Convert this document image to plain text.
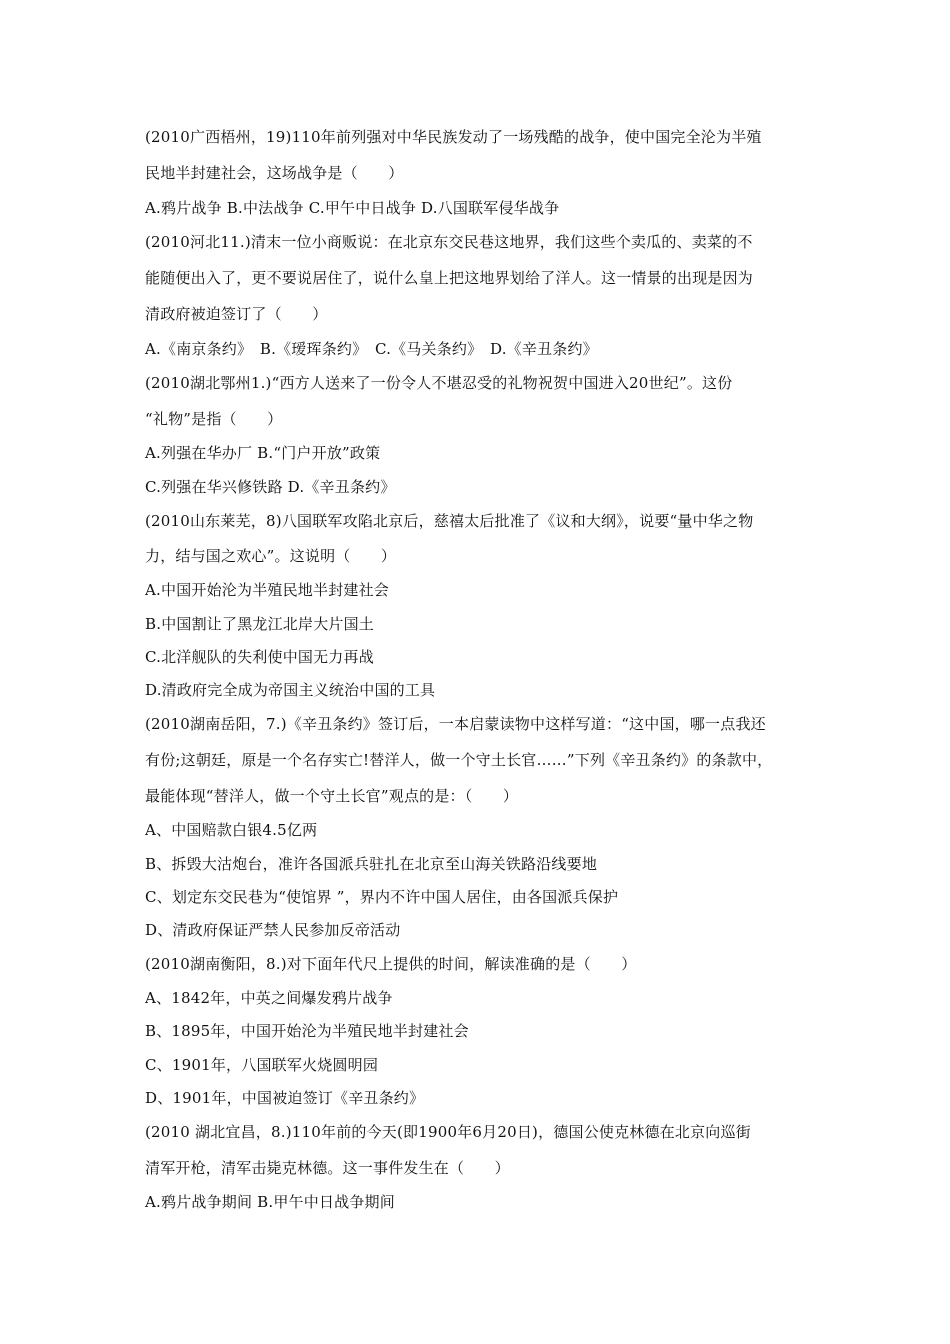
(2010广西梧州，19)110年前列强对中华民族发动了一场残酷的战争，使中国完全沦为半殖
民地半封建社会，这场战争是（　　）
A.鸦片战争 B.中法战争 C.甲午中日战争 D.八国联军侵华战争
(2010河北11.)清末一位小商贩说：在北京东交民巷这地界，我们这些个卖瓜的、卖菜的不
能随便出入了，更不要说居住了，说什么皇上把这地界划给了洋人。这一情景的出现是因为
清政府被迫签订了（　　）
A.《南京条约》　B.《瑷珲条约》　C.《马关条约》　D.《辛丑条约》
(2010湖北鄂州1.)“西方人送来了一份令人不堪忍受的礼物祝贺中国进入20世纪”。这份
“礼物”是指（　　）
A.列强在华办厂 B.“门户开放”政策
C.列强在华兴修铁路 D.《辛丑条约》
(2010山东莱芜，8)八国联军攻陷北京后，慈禧太后批准了《议和大纲》，说要“量中华之物
力，结与国之欢心”。这说明（　　）
A.中国开始沦为半殖民地半封建社会
B.中国割让了黑龙江北岸大片国土
C.北洋舰队的失利使中国无力再战
D.清政府完全成为帝国主义统治中国的工具
(2010湖南岳阳，7.)《辛丑条约》签订后，一本启蒙读物中这样写道：“这中国，哪一点我还
有份;这朝廷，原是一个名存实亡!替洋人，做一个守土长官……”下列《辛丑条约》的条款中，
最能体现“替洋人，做一个守土长官”观点的是：（　　）
A、中国赔款白银4.5亿两
B、拆毁大沽炮台，准许各国派兵驻扎在北京至山海关铁路沿线要地
C、划定东交民巷为“使馆界 ”，界内不许中国人居住，由各国派兵保护
D、清政府保证严禁人民参加反帝活动
(2010湖南衡阳，8.)对下面年代尺上提供的时间，解读准确的是（　　）
A、1842年，中英之间爆发鸦片战争
B、1895年，中国开始沦为半殖民地半封建社会
C、1901年，八国联军火烧圆明园
D、1901年，中国被迫签订《辛丑条约》
(2010 湖北宜昌，8.)110年前的今天(即1900年6月20日)，德国公使克林德在北京向巡街
清军开枪，清军击毙克林德。这一事件发生在（　　）
A.鸦片战争期间 B.甲午中日战争期间
